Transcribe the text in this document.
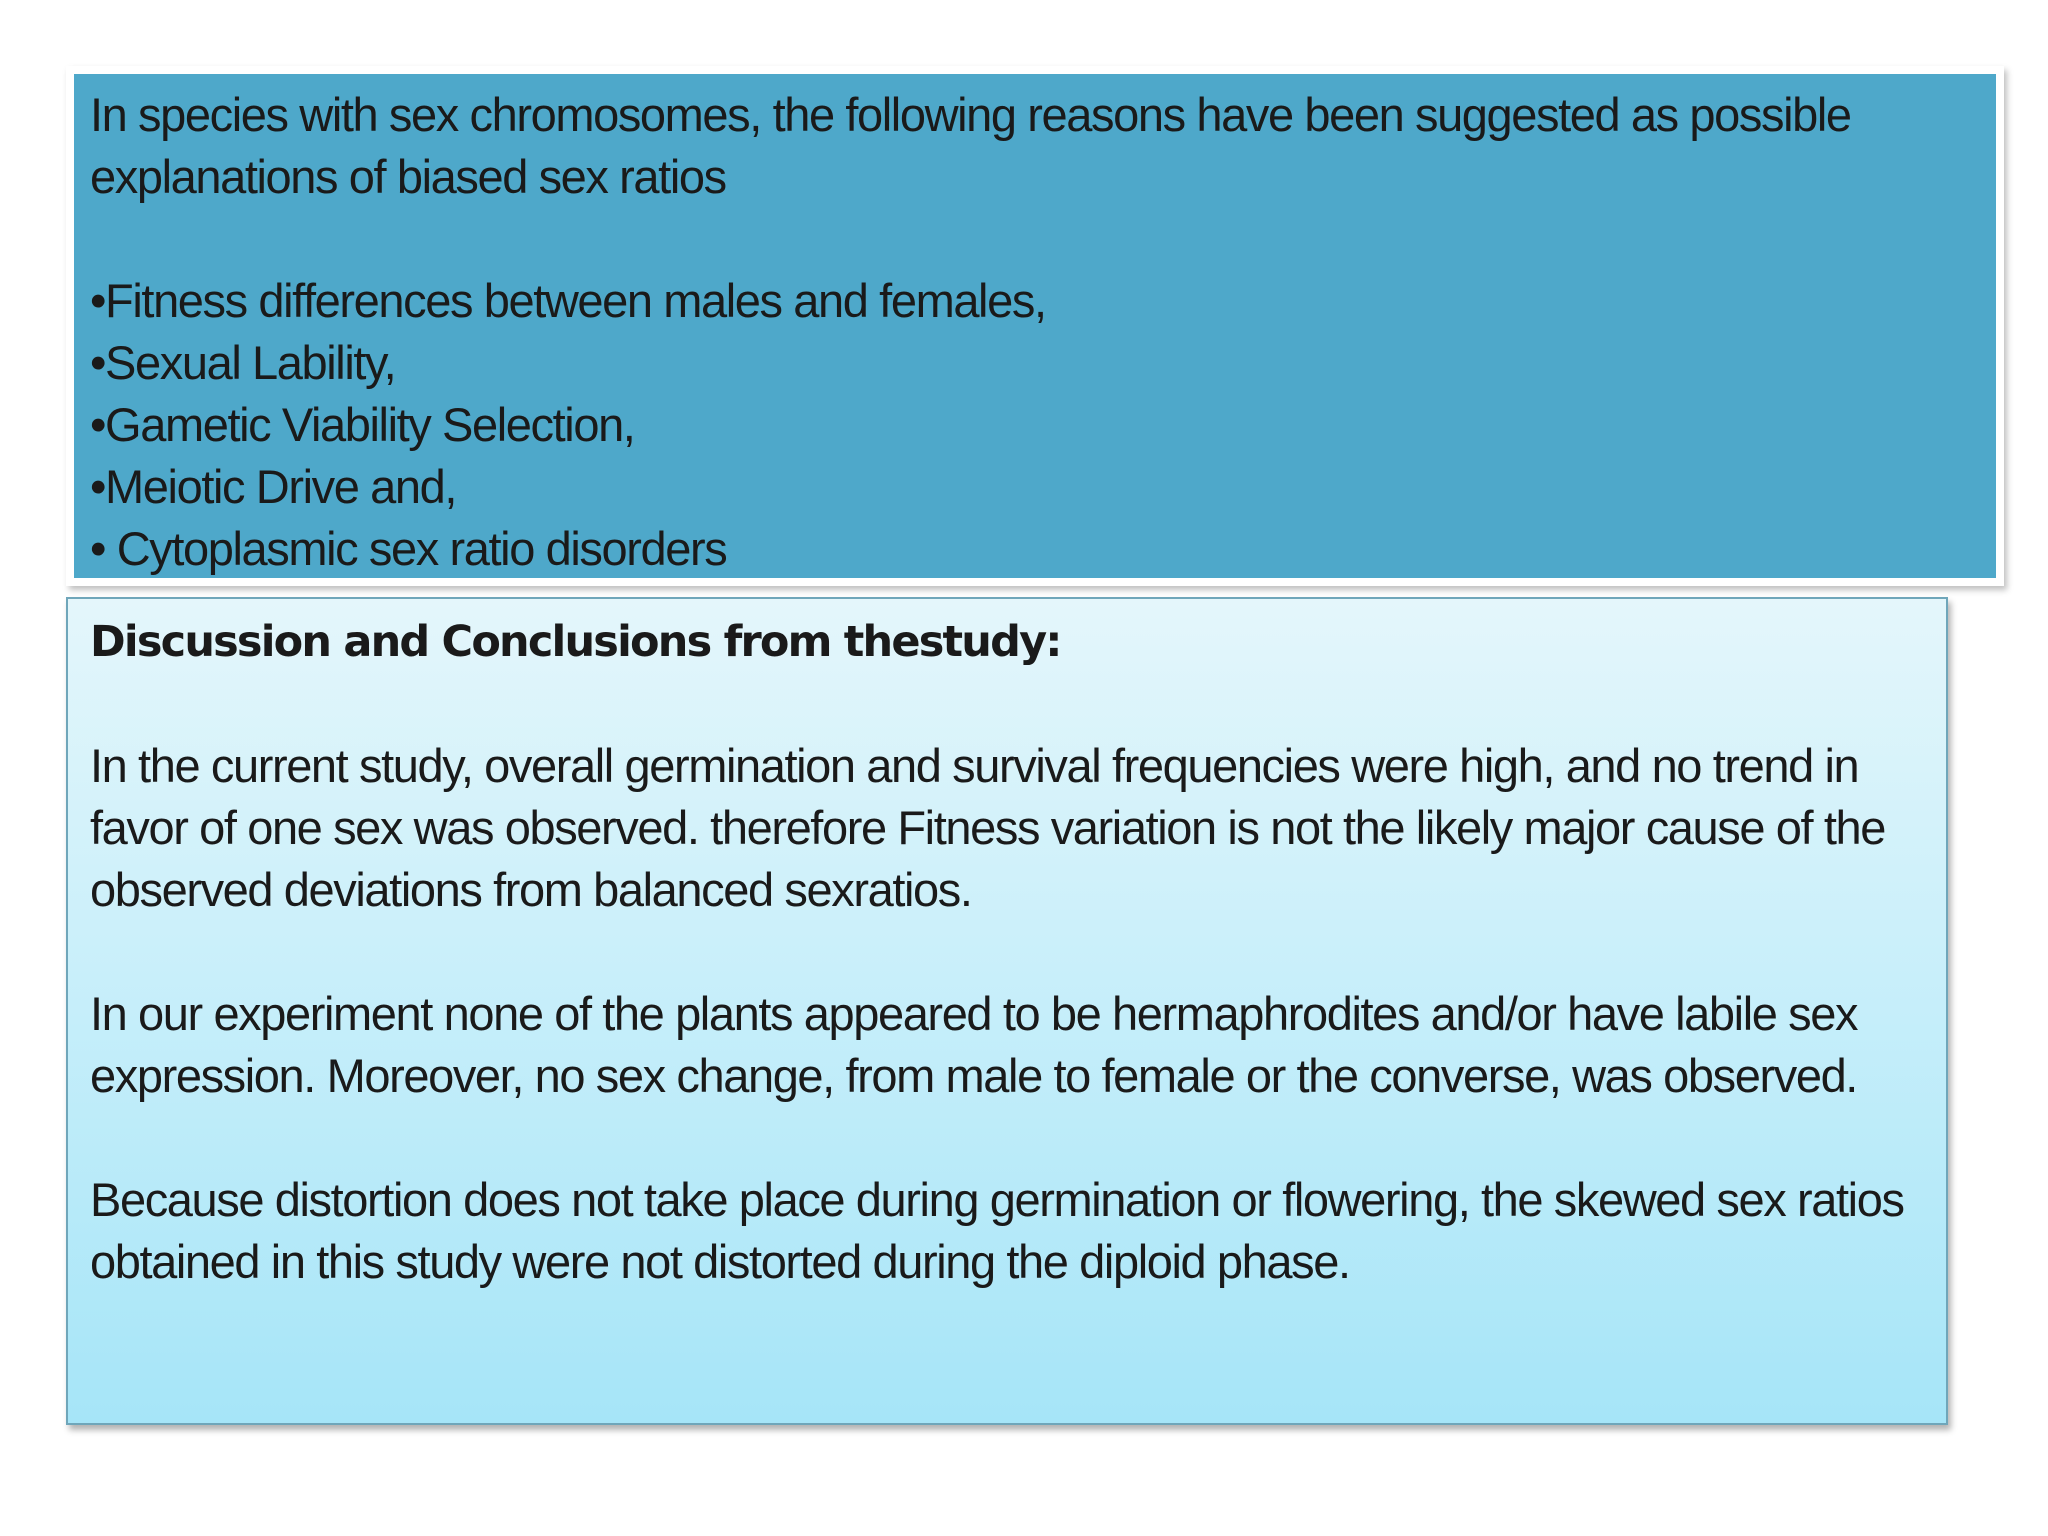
In species with sex chromosomes, the following reasons have been suggested as possible explanations of biased sex ratios

•Fitness differences between males and females,
•Sexual Lability,
•Gametic Viability Selection,
•Meiotic Drive and,
• Cytoplasmic sex ratio disorders

Discussion and Conclusions from thestudy:

In the current study, overall germination and survival frequencies were high, and no trend in favor of one sex was observed. therefore Fitness variation is not the likely major cause of the observed deviations from balanced sexratios.

In our experiment none of the plants appeared to be hermaphrodites and/or have labile sex expression. Moreover, no sex change, from male to female or the converse, was observed.

Because distortion does not take place during germination or flowering, the skewed sex ratios obtained in this study were not distorted during the diploid phase.
